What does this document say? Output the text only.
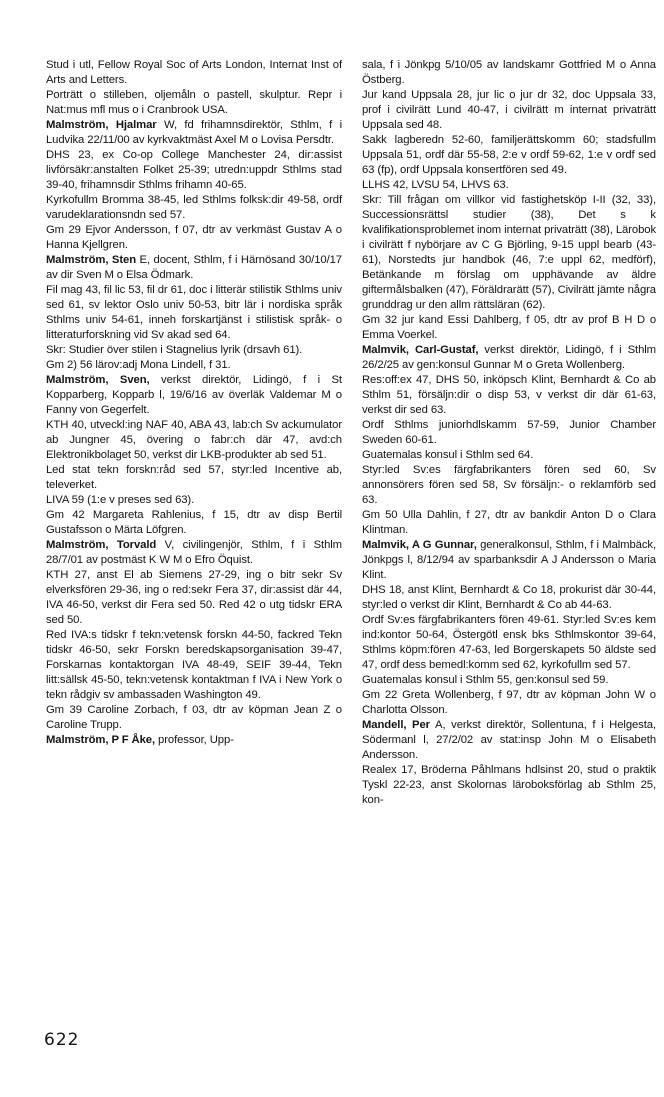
Stud i utl, Fellow Royal Soc of Arts London, Internat Inst of Arts and Letters.

Porträtt o stilleben, oljemåln o pastell, skulptur. Repr i Nat:mus mfl mus o i Cranbrook USA.

Malmström, Hjalmar W, fd frihamnsdirektör, Sthlm, f i Ludvika 22/11/00 av kyrkvaktmäst Axel M o Lovisa Persdtr.

DHS 23, ex Co-op College Manchester 24, dir:assist livförsäkr:anstalten Folket 25-39; utredn:uppdr Sthlms stad 39-40, frihamnsdir Sthlms frihamn 40-65.

Kyrkofullm Bromma 38-45, led Sthlms folksk:dir 49-58, ordf varudeklarationsndn sed 57.

Gm 29 Ejvor Andersson, f 07, dtr av verkmäst Gustav A o Hanna Kjellgren.

Malmström, Sten E, docent, Sthlm, f i Härnösand 30/10/17 av dir Sven M o Elsa Ödmark.

Fil mag 43, fil lic 53, fil dr 61, doc i litterär stilistik Sthlms univ sed 61, sv lektor Oslo univ 50-53, bitr lär i nordiska språk Sthlms univ 54-61, inneh forskartjänst i stilistisk språk- o litteraturforskning vid Sv akad sed 64.

Skr: Studier över stilen i Stagnelius lyrik (drsavh 61).

Gm 2) 56 lärov:adj Mona Lindell, f 31.

Malmström, Sven, verkst direktör, Lidingö, f i St Kopparberg, Kopparb l, 19/6/16 av överläk Valdemar M o Fanny von Gegerfelt.

KTH 40, utveckl:ing NAF 40, ABA 43, lab:ch Sv ackumulator ab Jungner 45, övering o fabr:ch där 47, avd:ch Elektronikbolaget 50, verkst dir LKB-produkter ab sed 51.

Led stat tekn forskn:råd sed 57, styr:led Incentive ab, televerket.

LIVA 59 (1:e v preses sed 63).

Gm 42 Margareta Rahlenius, f 15, dtr av disp Bertil Gustafsson o Märta Löfgren.

Malmström, Torvald V, civilingenjör, Sthlm, f i Sthlm 28/7/01 av postmäst K W M o Efro Öquist.

KTH 27, anst El ab Siemens 27-29, ing o bitr sekr Sv elverksfören 29-36, ing o red:sekr Fera 37, dir:assist där 44, IVA 46-50, verkst dir Fera sed 50. Red 42 o utg tidskr ERA sed 50.

Red IVA:s tidskr f tekn:vetensk forskn 44-50, fackred Tekn tidskr 46-50, sekr Forskn beredskapsorganisation 39-47, Forskarnas kontaktorgan IVA 48-49, SEIF 39-44, Tekn litt:sällsk 45-50, tekn:vetensk kontaktman f IVA i New York o tekn rådgiv sv ambassaden Washington 49.

Gm 39 Caroline Zorbach, f 03, dtr av köpman Jean Z o Caroline Trupp.

Malmström, P F Åke, professor, Upp-

sala, f i Jönkpg 5/10/05 av landskamr Gottfried M o Anna Östberg.

Jur kand Uppsala 28, jur lic o jur dr 32, doc Uppsala 33, prof i civilrätt Lund 40-47, i civilrätt m internat privaträtt Uppsala sed 48.

Sakk lagberedn 52-60, familjerättskomm 60; stadsfullm Uppsala 51, ordf där 55-58, 2:e v ordf 59-62, 1:e v ordf sed 63 (fp), ordf Uppsala konsertfören sed 49.

LLHS 42, LVSU 54, LHVS 63.

Skr: Till frågan om villkor vid fastighetsköp I-II (32, 33), Successionsrättsl studier (38), Det s k kvalifikationsproblemet inom internat privaträtt (38), Lärobok i civilrätt f nybörjare av C G Björling, 9-15 uppl bearb (43-61), Norstedts jur handbok (46, 7:e uppl 62, medförf), Betänkande m förslag om upphävande av äldre giftermålsbalken (47), Föräldrarätt (57), Civilrätt jämte några grunddrag ur den allm rättsläran (62).

Gm 32 jur kand Essi Dahlberg, f 05, dtr av prof B H D o Emma Voerkel.

Malmvik, Carl-Gustaf, verkst direktör, Lidingö, f i Sthlm 26/2/25 av gen:konsul Gunnar M o Greta Wollenberg.

Res:off:ex 47, DHS 50, inköpsch Klint, Bernhardt & Co ab Sthlm 51, försäljn:dir o disp 53, v verkst dir där 61-63, verkst dir sed 63.

Ordf Sthlms juniorhdlskamm 57-59, Junior Chamber Sweden 60-61.

Guatemalas konsul i Sthlm sed 64.

Styr:led Sv:es färgfabrikanters fören sed 60, Sv annonsörers fören sed 58, Sv försäljn:- o reklamförb sed 63.

Gm 50 Ulla Dahlin, f 27, dtr av bankdir Anton D o Clara Klintman.

Malmvik, A G Gunnar, generalkonsul, Sthlm, f i Malmbäck, Jönkpgs l, 8/12/94 av sparbanksdir A J Andersson o Maria Klint.

DHS 18, anst Klint, Bernhardt & Co 18, prokurist där 30-44, styr:led o verkst dir Klint, Bernhardt & Co ab 44-63.

Ordf Sv:es färgfabrikanters fören 49-61. Styr:led Sv:es kem ind:kontor 50-64, Östergötl ensk bks Sthlmskontor 39-64, Sthlms köpm:fören 47-63, led Borgerskapets 50 äldste sed 47, ordf dess bemedl:komm sed 62, kyrkofullm sed 57.

Guatemalas konsul i Sthlm 55, gen:konsul sed 59.

Gm 22 Greta Wollenberg, f 97, dtr av köpman John W o Charlotta Olsson.

Mandell, Per A, verkst direktör, Sollentuna, f i Helgesta, Södermanl l, 27/2/02 av stat:insp John M o Elisabeth Andersson.

Realex 17, Bröderna Påhlmans hdlsinst 20, stud o praktik Tyskl 22-23, anst Skolornas läroboksförlag ab Sthlm 25, kon-

622
